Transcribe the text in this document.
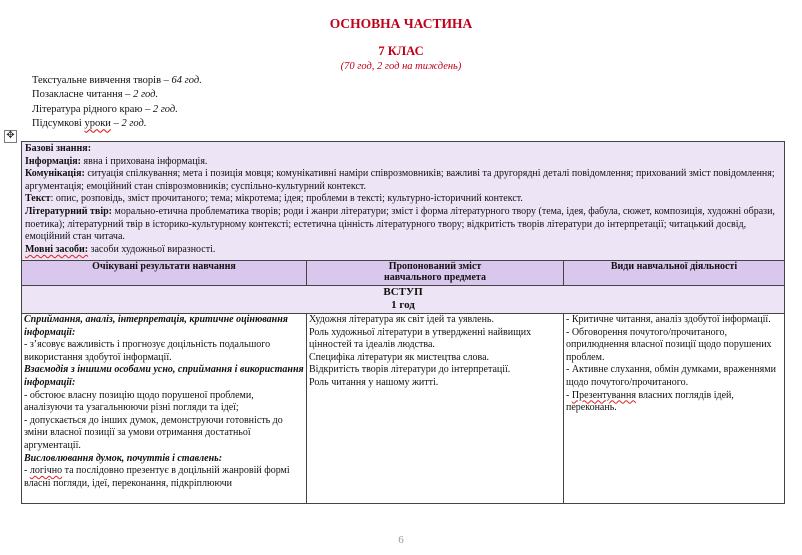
ОСНОВНА ЧАСТИНА
7 КЛАС
(70 год, 2 год на тиждень)
Текстуальне вивчення творів – 64 год.
Позакласне читання – 2 год.
Література рідного краю – 2 год.
Підсумкові уроки – 2 год.
✥
Базові знання:
Інформація: явна і прихована інформація.
Комунікація: ситуація спілкування; мета і позиція мовця; комунікативні наміри співрозмовників; важливі та другорядні деталі повідомлення; прихований зміст повідомлення; аргументація; емоційний стан співрозмовників; суспільно-культурний контекст.
Текст: опис, розповідь, зміст прочитаного; тема; мікротема; ідея; проблеми в тексті; культурно-історичний контекст.
Літературний твір: морально-етична проблематика творів; роди і жанри літератури; зміст і форма літературного твору (тема, ідея, фабула, сюжет, композиція, художні образи, поетика); літературний твір в історико-культурному контексті; естетична цінність літературного твору; відкритість творів літератури до інтерпретації; читацький досвід, емоційний стан читача.
Мовні засоби: засоби художньої виразності.
Очікувані результати навчання	Пропонований зміст
навчального предмета
Види навчальної діяльності
ВСТУП
1 год
Сприймання, аналіз, інтерпретація, критичне оцінювання інформації:
- з’ясовує важливість і прогнозує доцільність подальшого використання здобутої інформації.
Взаємодія з іншими особами усно, сприймання і використання інформації:
- обстоює власну позицію щодо порушеної проблеми, аналізуючи та узагальнюючи різні погляди та ідеї;
- допускається до інших думок, демонструючи готовність до зміни власної позиції за умови отримання достатньої аргументації.
Висловлювання думок, почуттів і ставлень:
- логічно та послідовно презентує в доцільній жанровій формі власні погляди, ідеї, переконання, підкріплюючи
Художня література як світ ідей та уявлень.
Роль художньої літератури в утвердженні найвищих цінностей та ідеалів людства.
Специфіка літератури як мистецтва слова.
Відкритість творів літератури до інтерпретації.
Роль читання у нашому житті.
- Критичне читання, аналіз здобутої інформації.
- Обговорення почутого/прочитаного, оприлюднення власної позиції щодо порушених проблем.
- Активне слухання, обмін думками, враженнями щодо почутого/прочитаного.
- Презентування власних поглядів ідей, переконань.
6
